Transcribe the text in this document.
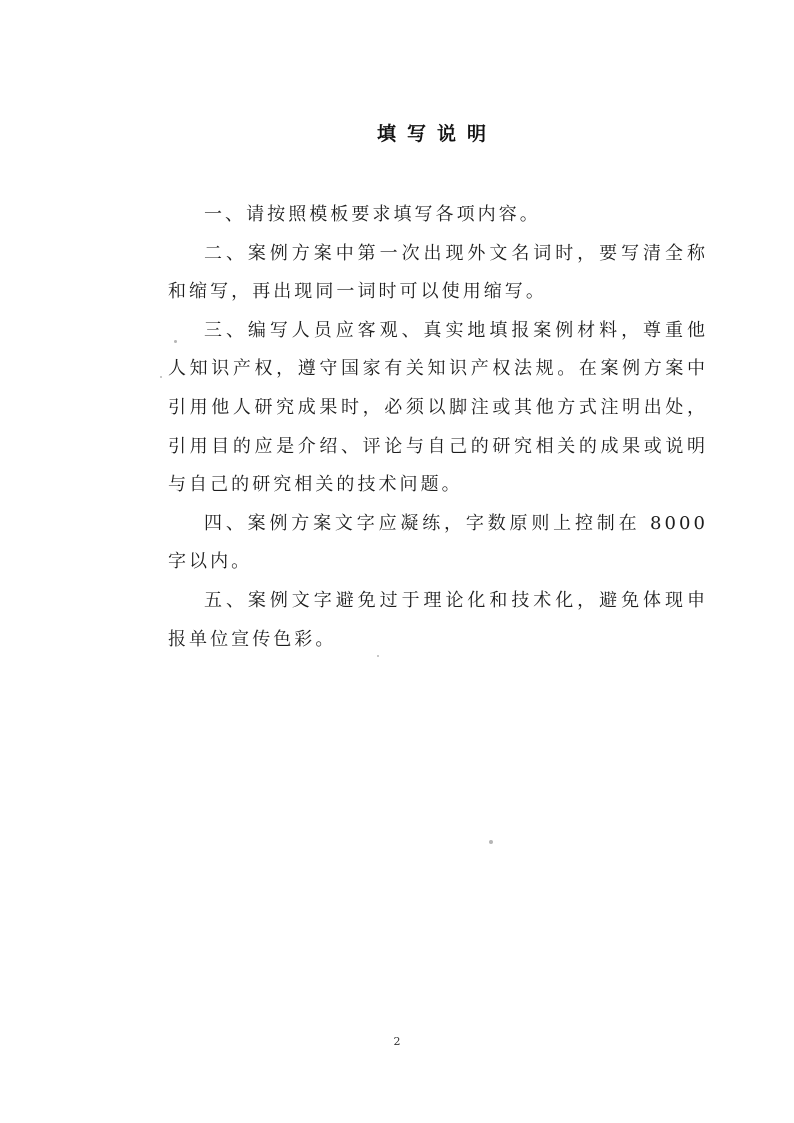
填写说明

一、请按照模板要求填写各项内容。

二、案例方案中第一次出现外文名词时，要写清全称和缩写，再出现同一词时可以使用缩写。

三、编写人员应客观、真实地填报案例材料，尊重他人知识产权，遵守国家有关知识产权法规。在案例方案中引用他人研究成果时，必须以脚注或其他方式注明出处，引用目的应是介绍、评论与自己的研究相关的成果或说明与自己的研究相关的技术问题。

四、案例方案文字应凝练，字数原则上控制在 8000 字以内。

五、案例文字避免过于理论化和技术化，避免体现申报单位宣传色彩。

2
